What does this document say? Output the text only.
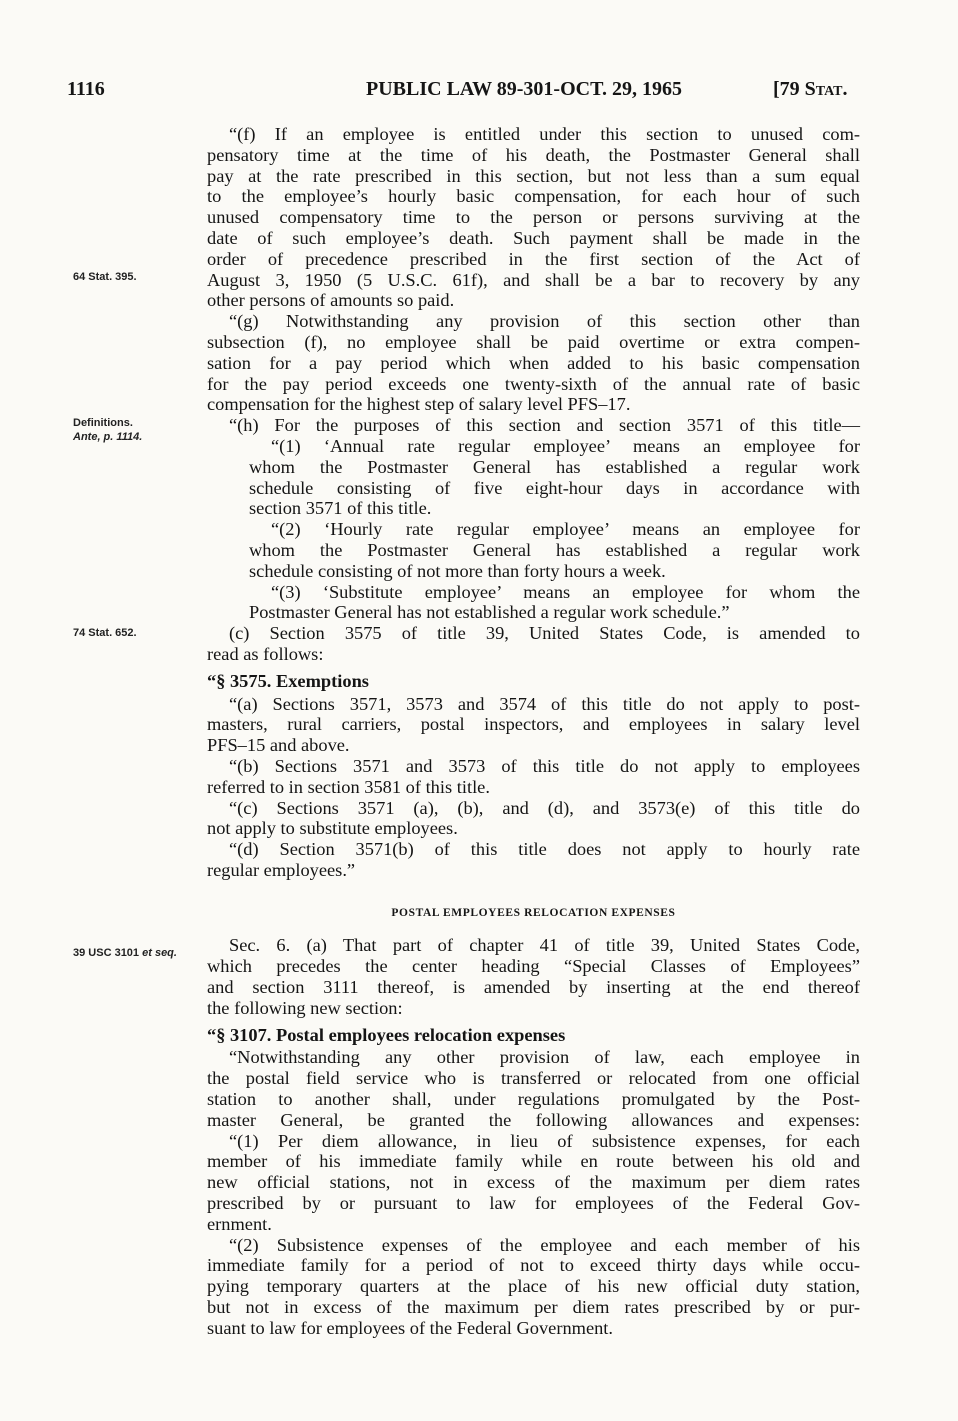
1116	PUBLIC LAW 89-301-OCT. 29, 1965	[79 Stat.
64 Stat. 395.
Definitions.
Ante, p. 1114.
74 Stat. 652.
39 USC 3101 et seq.
“(f) If an employee is entitled under this section to unused com-
pensatory time at the time of his death, the Postmaster General shall
pay at the rate prescribed in this section, but not less than a sum equal
to the employee’s hourly basic compensation, for each hour of such
unused compensatory time to the person or persons surviving at the
date of such employee’s death. Such payment shall be made in the
order of precedence prescribed in the first section of the Act of
August 3, 1950 (5 U.S.C. 61f), and shall be a bar to recovery by any
other persons of amounts so paid.
“(g) Notwithstanding any provision of this section other than
subsection (f), no employee shall be paid overtime or extra compen-
sation for a pay period which when added to his basic compensation
for the pay period exceeds one twenty-sixth of the annual rate of basic
compensation for the highest step of salary level PFS–17.
“(h) For the purposes of this section and section 3571 of this title—
“(1) ‘Annual rate regular employee’ means an employee for
whom the Postmaster General has established a regular work
schedule consisting of five eight-hour days in accordance with
section 3571 of this title.
“(2) ‘Hourly rate regular employee’ means an employee for
whom the Postmaster General has established a regular work
schedule consisting of not more than forty hours a week.
“(3) ‘Substitute employee’ means an employee for whom the
Postmaster General has not established a regular work schedule.”
(c) Section 3575 of title 39, United States Code, is amended to
read as follows:
“§ 3575. Exemptions
“(a) Sections 3571, 3573 and 3574 of this title do not apply to post-
masters, rural carriers, postal inspectors, and employees in salary level
PFS–15 and above.
“(b) Sections 3571 and 3573 of this title do not apply to employees
referred to in section 3581 of this title.
“(c) Sections 3571 (a), (b), and (d), and 3573(e) of this title do
not apply to substitute employees.
“(d) Section 3571(b) of this title does not apply to hourly rate
regular employees.”
POSTAL EMPLOYEES RELOCATION EXPENSES
Sec. 6. (a) That part of chapter 41 of title 39, United States Code,
which precedes the center heading “Special Classes of Employees”
and section 3111 thereof, is amended by inserting at the end thereof
the following new section:
“§ 3107. Postal employees relocation expenses
“Notwithstanding any other provision of law, each employee in
the postal field service who is transferred or relocated from one official
station to another shall, under regulations promulgated by the Post-
master General, be granted the following allowances and expenses:
“(1) Per diem allowance, in lieu of subsistence expenses, for each
member of his immediate family while en route between his old and
new official stations, not in excess of the maximum per diem rates
prescribed by or pursuant to law for employees of the Federal Gov-
ernment.
“(2) Subsistence expenses of the employee and each member of his
immediate family for a period of not to exceed thirty days while occu-
pying temporary quarters at the place of his new official duty station,
but not in excess of the maximum per diem rates prescribed by or pur-
suant to law for employees of the Federal Government.
